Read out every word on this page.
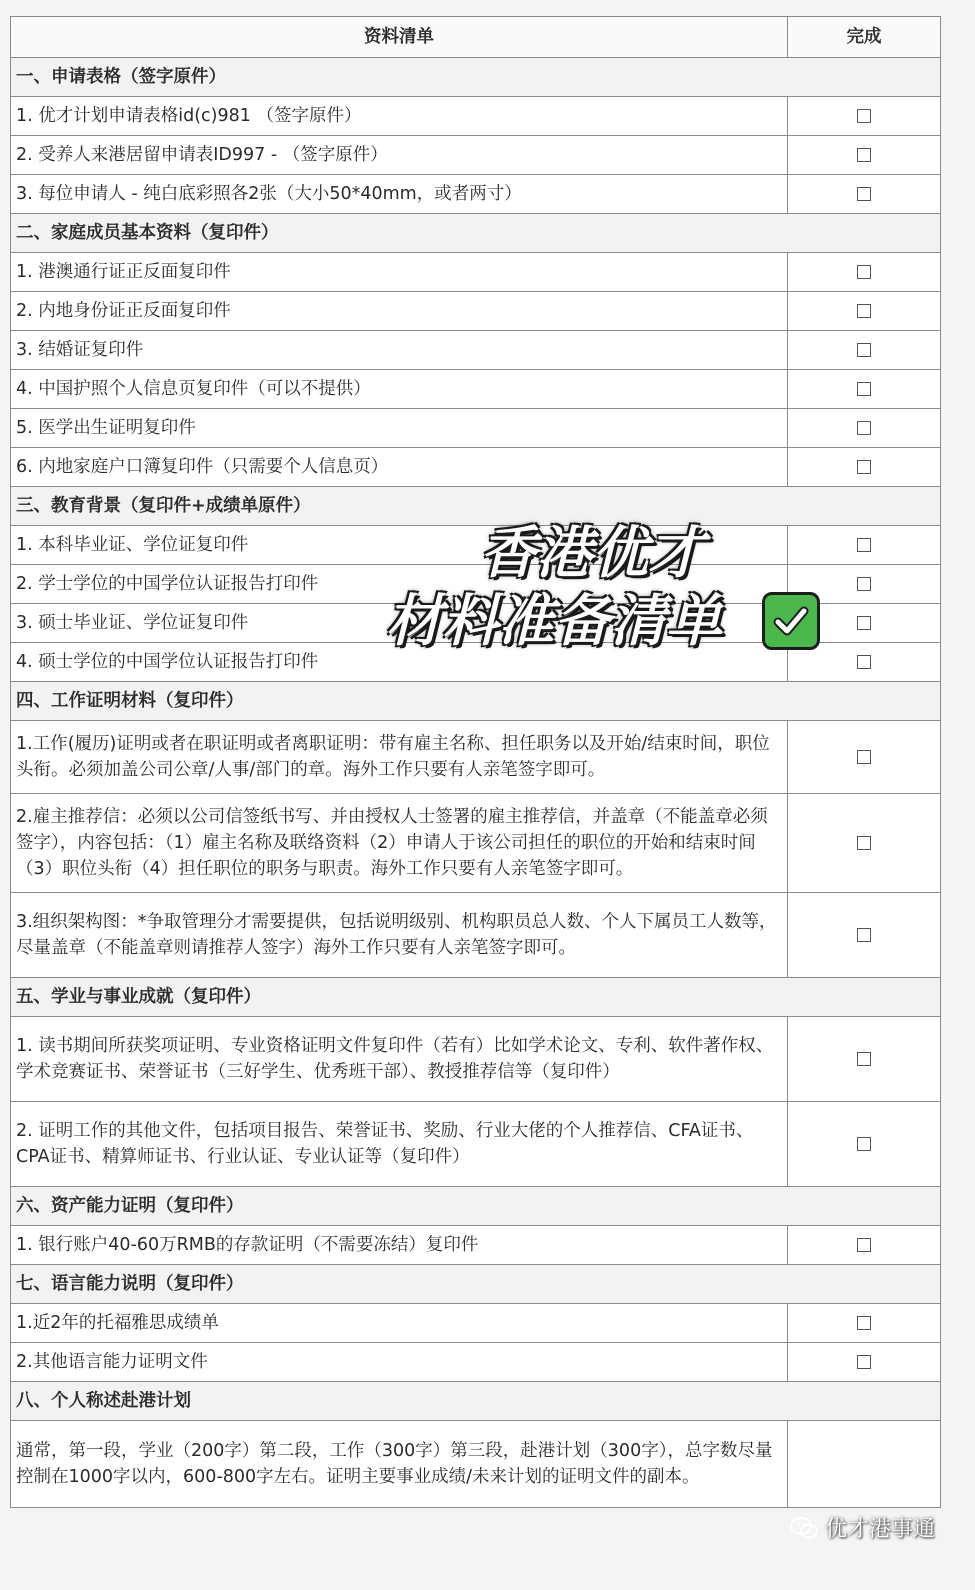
资料清单	完成
一、申请表格（签字原件）	
1. 优才计划申请表格id(c)981 （签字原件）	
2. 受养人来港居留申请表ID997 - （签字原件）	
3. 每位申请人 - 纯白底彩照各2张（大小50*40mm，或者两寸）	
二、家庭成员基本资料（复印件）	
1. 港澳通行证正反面复印件	
2. 内地身份证正反面复印件	
3. 结婚证复印件	
4. 中国护照个人信息页复印件（可以不提供）	
5. 医学出生证明复印件	
6. 内地家庭户口簿复印件（只需要个人信息页）	
三、教育背景（复印件+成绩单原件）	
1. 本科毕业证、学位证复印件	
2. 学士学位的中国学位认证报告打印件	
3. 硕士毕业证、学位证复印件	
4. 硕士学位的中国学位认证报告打印件	
四、工作证明材料（复印件）	
1.工作(履历)证明或者在职证明或者离职证明：带有雇主名称、担任职务以及开始/结束时间，职位头衔。必须加盖公司公章/人事/部门的章。海外工作只要有人亲笔签字即可。	
2.雇主推荐信：必须以公司信签纸书写、并由授权人士签署的雇主推荐信，并盖章（不能盖章必须签字），内容包括：（1）雇主名称及联络资料（2）申请人于该公司担任的职位的开始和结束时间（3）职位头衔（4）担任职位的职务与职责。海外工作只要有人亲笔签字即可。	
3.组织架构图：*争取管理分才需要提供，包括说明级别、机构职员总人数、个人下属员工人数等，尽量盖章（不能盖章则请推荐人签字）海外工作只要有人亲笔签字即可。	
五、学业与事业成就（复印件）	
1. 读书期间所获奖项证明、专业资格证明文件复印件（若有）比如学术论文、专利、软件著作权、学术竞赛证书、荣誉证书（三好学生、优秀班干部）、教授推荐信等（复印件）	
2. 证明工作的其他文件，包括项目报告、荣誉证书、奖励、行业大佬的个人推荐信、CFA证书、CPA证书、精算师证书、行业认证、专业认证等（复印件）	
六、资产能力证明（复印件）	
1. 银行账户40-60万RMB的存款证明（不需要冻结）复印件	
七、语言能力说明（复印件）	
1.近2年的托福雅思成绩单	
2.其他语言能力证明文件	
八、个人称述赴港计划	
通常，第一段，学业（200字）第二段，工作（300字）第三段，赴港计划（300字），总字数尽量控制在1000字以内，600-800字左右。证明主要事业成绩/未来计划的证明文件的副本。	
香港优才
材料准备清单
优才港事通
